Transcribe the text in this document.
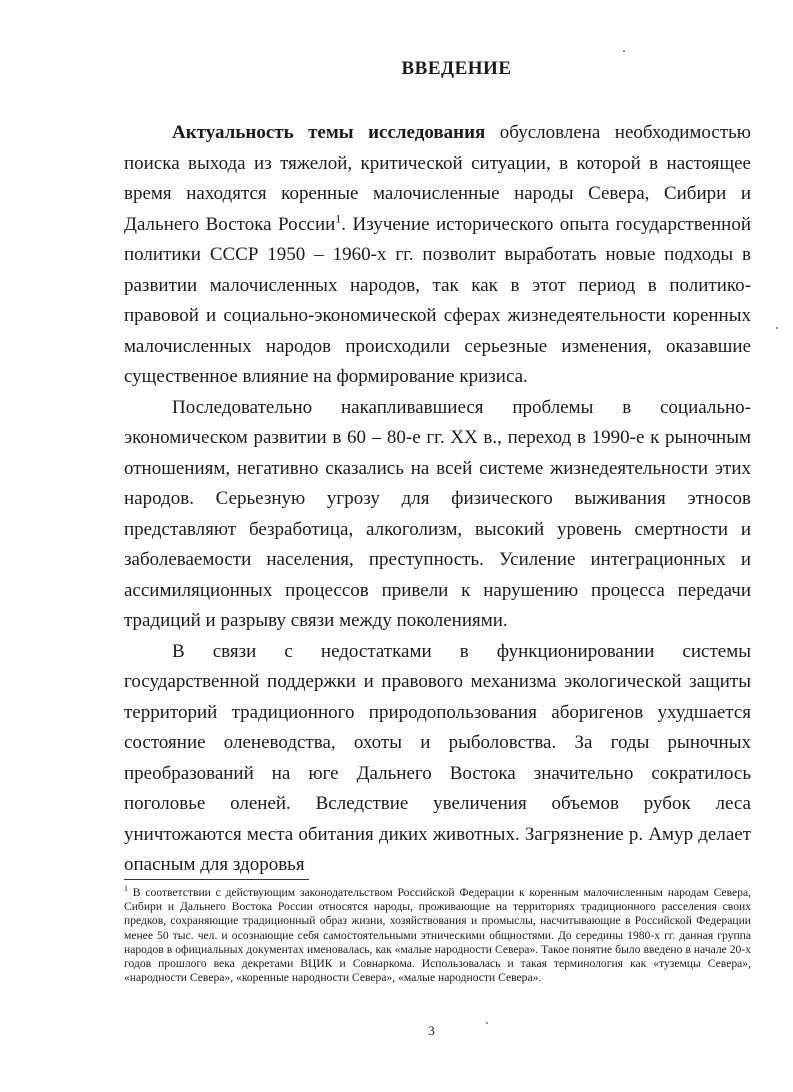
ВВЕДЕНИЕ

Актуальность темы исследования обусловлена необходимостью поиска выхода из тяжелой, критической ситуации, в которой в настоящее время находятся коренные малочисленные народы Севера, Сибири и Дальнего Востока России$^1$. Изучение исторического опыта государственной политики СССР 1950 – 1960-х гг. позволит выработать новые подходы в развитии малочисленных народов, так как в этот период в политико-правовой и социально-экономической сферах жизнедеятельности коренных малочисленных народов происходили серьезные изменения, оказавшие существенное влияние на формирование кризиса.

Последовательно накапливавшиеся проблемы в социально-экономическом развитии в 60 – 80-е гг. XX в., переход в 1990-е к рыночным отношениям, негативно сказались на всей системе жизнедеятельности этих народов. Серьезную угрозу для физического выживания этносов представляют безработица, алкоголизм, высокий уровень смертности и заболеваемости населения, преступность. Усиление интеграционных и ассимиляционных процессов привели к нарушению процесса передачи традиций и разрыву связи между поколениями.

В связи с недостатками в функционировании системы государственной поддержки и правового механизма экологической защиты территорий традиционного природопользования аборигенов ухудшается состояние оленеводства, охоты и рыболовства. За годы рыночных преобразований на юге Дальнего Востока значительно сократилось поголовье оленей. Вследствие увеличения объемов рубок леса уничтожаются места обитания диких животных. Загрязнение р. Амур делает опасным для здоровья

$^1$ В соответствии с действующим законодательством Российской Федерации к коренным малочисленным народам Севера, Сибири и Дальнего Востока России относятся народы, проживающие на территориях традиционного расселения своих предков, сохраняющие традиционный образ жизни, хозяйствования и промыслы, насчитывающие в Российской Федерации менее 50 тыс. чел. и осознающие себя самостоятельными этническими общностями. До середины 1980-х гг. данная группа народов в официальных документах именовалась, как «малые народности Севера». Такое понятие было введено в начале 20-х годов прошлого века декретами ВЦИК и Совнаркома. Использовалась и такая терминология как «туземцы Севера», «народности Севера», «коренные народности Севера», «малые народности Севера».
3
